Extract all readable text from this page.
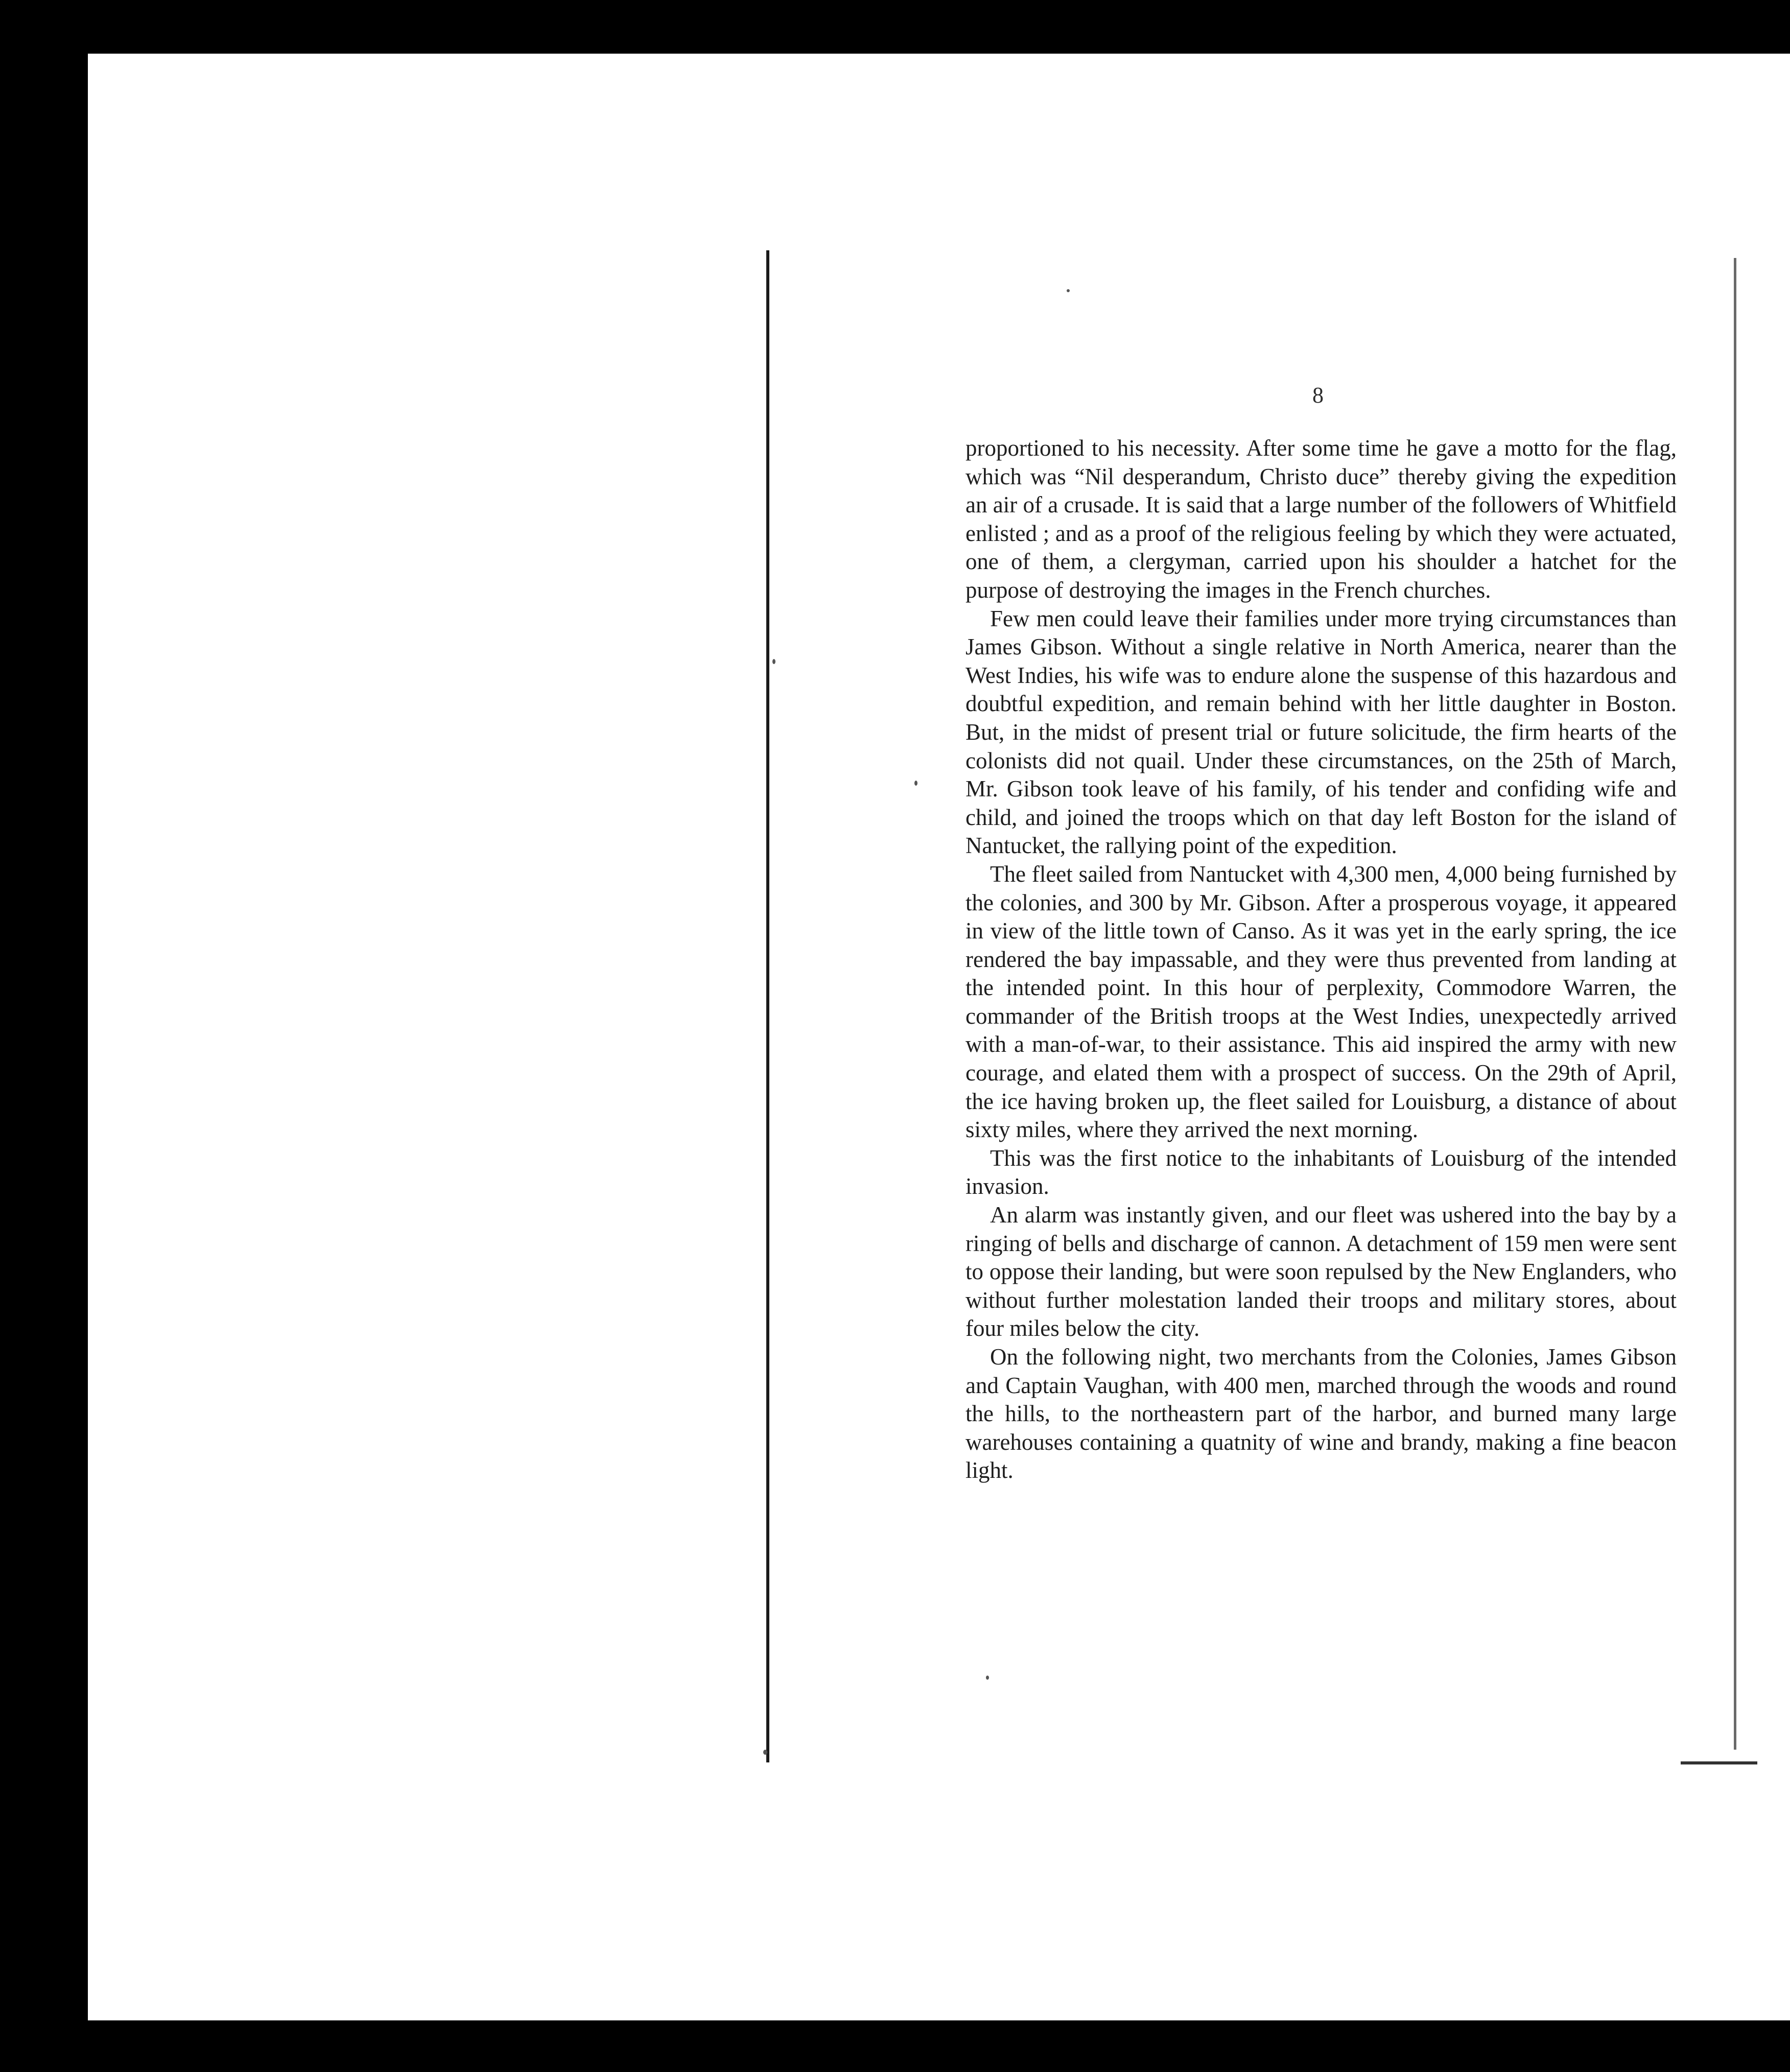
8

proportioned to his necessity. After some time he gave a motto for the flag, which was “Nil desperandum, Christo duce” thereby giving the expedition an air of a crusade. It is said that a large number of the followers of Whitfield enlisted ; and as a proof of the religious feeling by which they were actuated, one of them, a clergyman, carried upon his shoulder a hatchet for the purpose of destroying the images in the French churches.

Few men could leave their families under more trying circumstances than James Gibson. Without a single relative in North America, nearer than the West Indies, his wife was to endure alone the suspense of this hazardous and doubtful expedition, and remain behind with her little daughter in Boston. But, in the midst of present trial or future solicitude, the firm hearts of the colonists did not quail. Under these circumstances, on the 25th of March, Mr. Gibson took leave of his family, of his tender and confiding wife and child, and joined the troops which on that day left Boston for the island of Nantucket, the rallying point of the expedition.

The fleet sailed from Nantucket with 4,300 men, 4,000 being furnished by the colonies, and 300 by Mr. Gibson. After a prosperous voyage, it appeared in view of the little town of Canso. As it was yet in the early spring, the ice rendered the bay impassable, and they were thus prevented from landing at the intended point. In this hour of perplexity, Commodore Warren, the commander of the British troops at the West Indies, unexpectedly arrived with a man-of-war, to their assistance. This aid inspired the army with new courage, and elated them with a prospect of success. On the 29th of April, the ice having broken up, the fleet sailed for Louisburg, a distance of about sixty miles, where they arrived the next morning.

This was the first notice to the inhabitants of Louisburg of the intended invasion.

An alarm was instantly given, and our fleet was ushered into the bay by a ringing of bells and discharge of cannon. A detachment of 159 men were sent to oppose their landing, but were soon repulsed by the New Englanders, who without further molestation landed their troops and military stores, about four miles below the city.

On the following night, two merchants from the Colonies, James Gibson and Captain Vaughan, with 400 men, marched through the woods and round the hills, to the northeastern part of the harbor, and burned many large warehouses containing a quatnity of wine and brandy, making a fine beacon light.
